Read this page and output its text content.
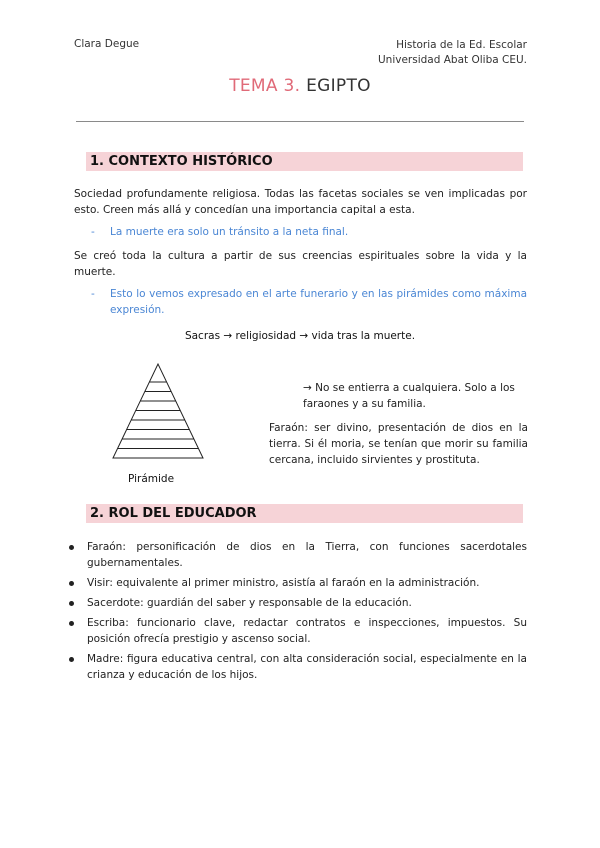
Clara Degue	Historia de la Ed. Escolar
Universidad Abat Oliba CEU.
TEMA 3. EGIPTO
1. CONTEXTO HISTÓRICO
Sociedad profundamente religiosa. Todas las facetas sociales se ven implicadas por esto. Creen más allá y concedían una importancia capital a esta.
- La muerte era solo un tránsito a la neta final.
Se creó toda la cultura a partir de sus creencias espirituales sobre la vida y la muerte.
- Esto lo vemos expresado en el arte funerario y en las pirámides como máxima expresión.
Sacras → religiosidad → vida tras la muerte.
Pirámide
→ No se entierra a cualquiera. Solo a los faraones y a su familia.
Faraón: ser divino, presentación de dios en la tierra. Si él moria, se tenían que morir su familia cercana, incluido sirvientes y prostituta.
2. ROL DEL EDUCADOR
Faraón: personificación de dios en la Tierra, con funciones sacerdotales gubernamentales.
Visir: equivalente al primer ministro, asistía al faraón en la administración.
Sacerdote: guardián del saber y responsable de la educación.
Escriba: funcionario clave, redactar contratos e inspecciones, impuestos. Su posición ofrecía prestigio y ascenso social.
Madre: figura educativa central, con alta consideración social, especialmente en la crianza y educación de los hijos.
